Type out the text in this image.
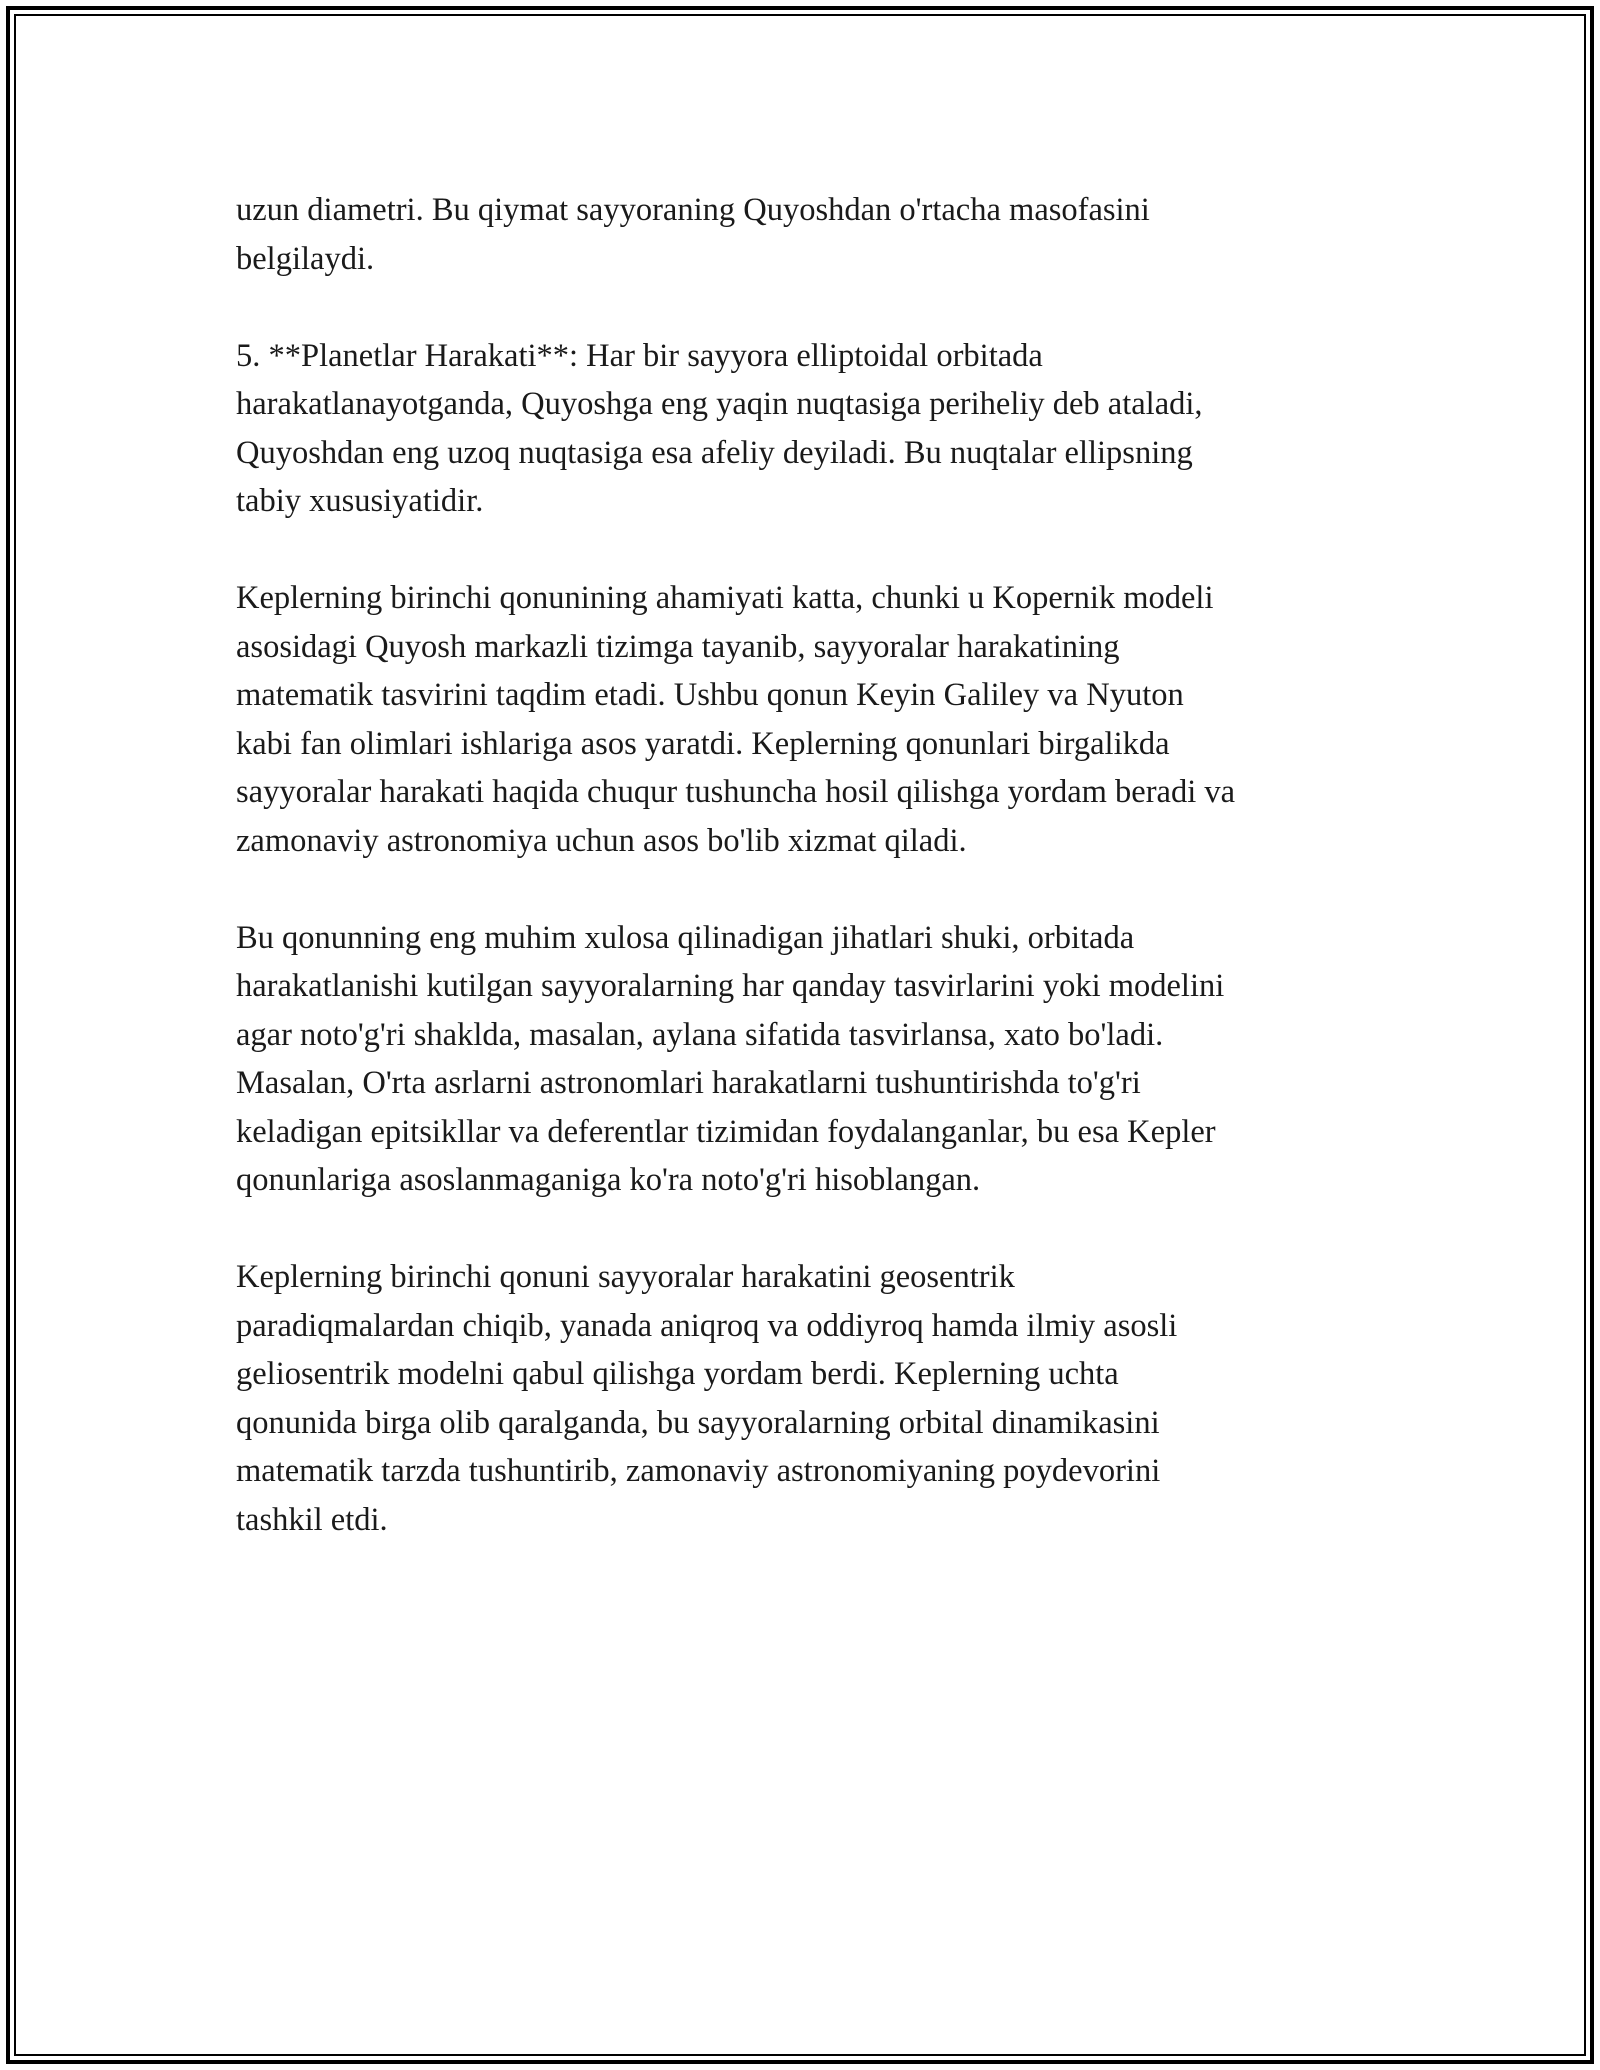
uzun diametri. Bu qiymat sayyoraning Quyoshdan o'rtacha masofasini
belgilaydi.

5. **Planetlar Harakati**: Har bir sayyora elliptoidal orbitada
harakatlanayotganda, Quyoshga eng yaqin nuqtasiga periheliy deb ataladi,
Quyoshdan eng uzoq nuqtasiga esa afeliy deyiladi. Bu nuqtalar ellipsning
tabiy xususiyatidir.

Keplerning birinchi qonunining ahamiyati katta, chunki u Kopernik modeli
asosidagi Quyosh markazli tizimga tayanib, sayyoralar harakatining
matematik tasvirini taqdim etadi. Ushbu qonun Keyin Galiley va Nyuton
kabi fan olimlari ishlariga asos yaratdi. Keplerning qonunlari birgalikda
sayyoralar harakati haqida chuqur tushuncha hosil qilishga yordam beradi va
zamonaviy astronomiya uchun asos bo'lib xizmat qiladi.

Bu qonunning eng muhim xulosa qilinadigan jihatlari shuki, orbitada
harakatlanishi kutilgan sayyoralarning har qanday tasvirlarini yoki modelini
agar noto'g'ri shaklda, masalan, aylana sifatida tasvirlansa, xato bo'ladi.
Masalan, O'rta asrlarni astronomlari harakatlarni tushuntirishda to'g'ri
keladigan epitsikllar va deferentlar tizimidan foydalanganlar, bu esa Kepler
qonunlariga asoslanmaganiga ko'ra noto'g'ri hisoblangan.

Keplerning birinchi qonuni sayyoralar harakatini geosentrik
paradiqmalardan chiqib, yanada aniqroq va oddiyroq hamda ilmiy asosli
geliosentrik modelni qabul qilishga yordam berdi. Keplerning uchta
qonunida birga olib qaralganda, bu sayyoralarning orbital dinamikasini
matematik tarzda tushuntirib, zamonaviy astronomiyaning poydevorini
tashkil etdi.
